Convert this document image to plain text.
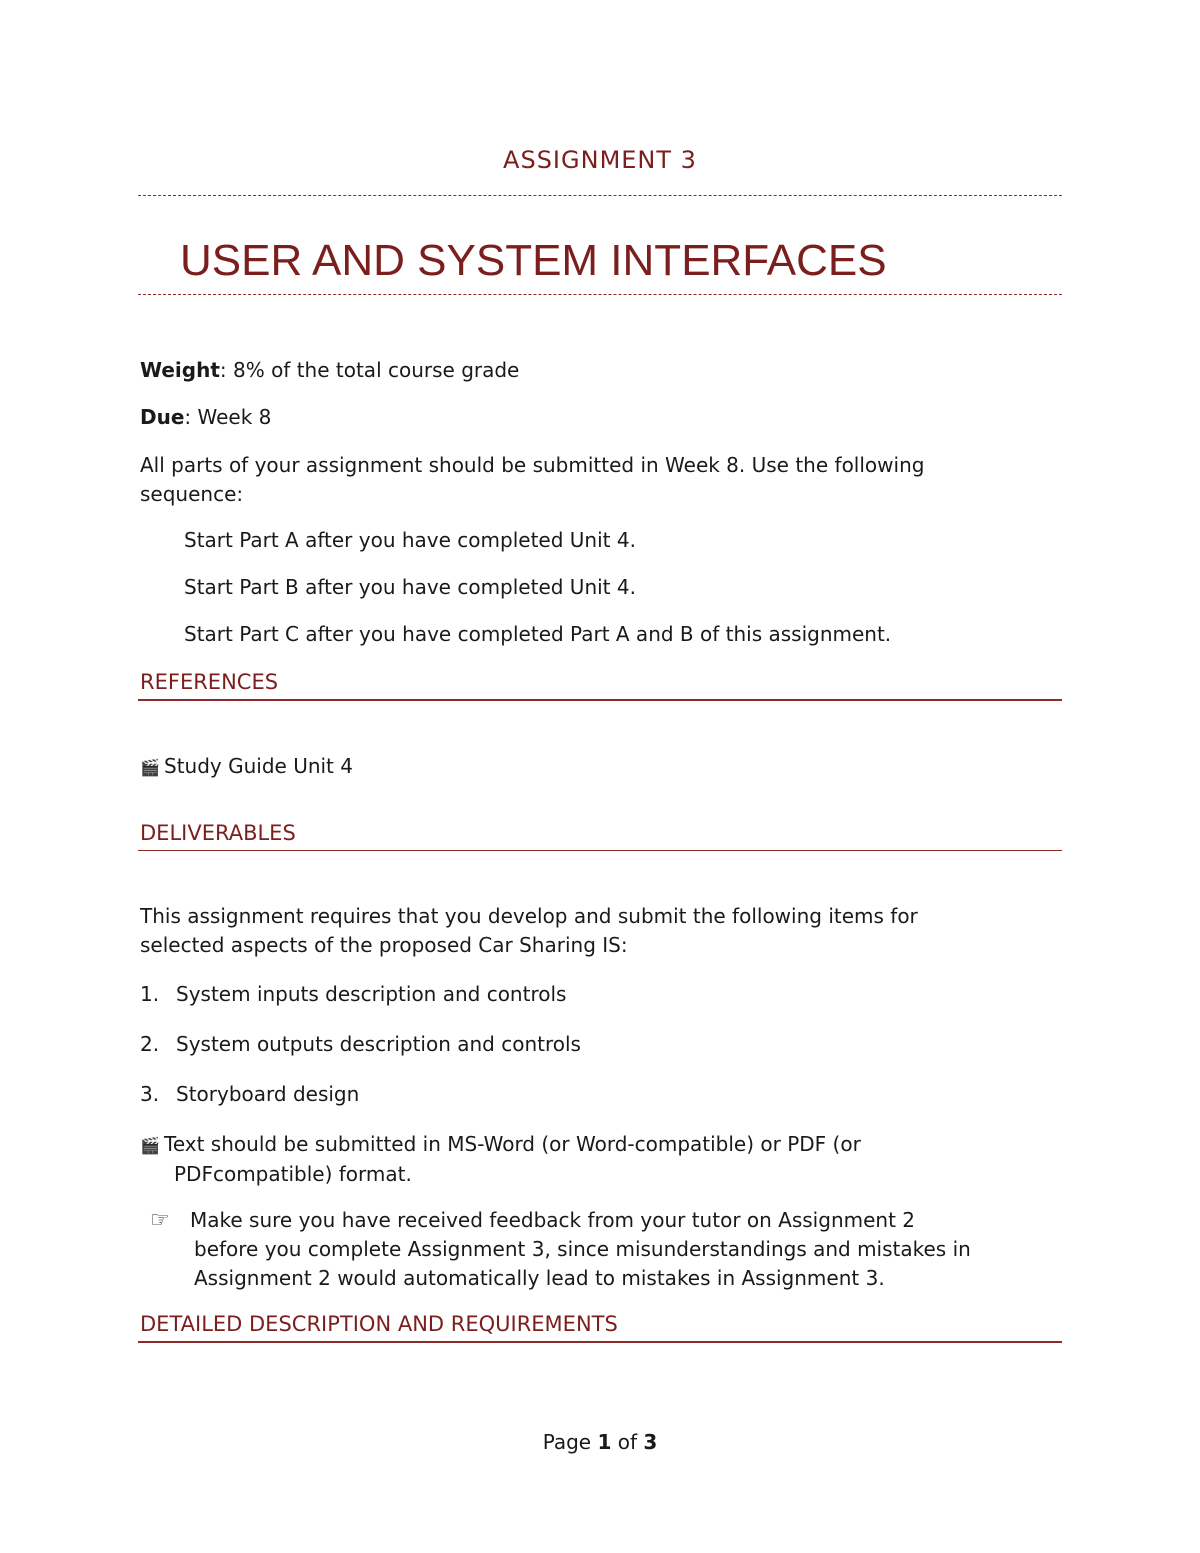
ASSIGNMENT 3
USER AND SYSTEM INTERFACES
Weight: 8% of the total course grade
Due: Week 8
All parts of your assignment should be submitted in Week 8. Use the following
sequence:
Start Part A after you have completed Unit 4.
Start Part B after you have completed Unit 4.
Start Part C after you have completed Part A and B of this assignment.
REFERENCES
🎬 Study Guide Unit 4
DELIVERABLES
This assignment requires that you develop and submit the following items for
selected aspects of the proposed Car Sharing IS:
1. System inputs description and controls
2. System outputs description and controls
3. Storyboard design
🎬 Text should be submitted in MS-Word (or Word-compatible) or PDF (or
PDFcompatible) format.
☞ Make sure you have received feedback from your tutor on Assignment 2
before you complete Assignment 3, since misunderstandings and mistakes in
Assignment 2 would automatically lead to mistakes in Assignment 3.
DETAILED DESCRIPTION AND REQUIREMENTS
Page 1 of 3
